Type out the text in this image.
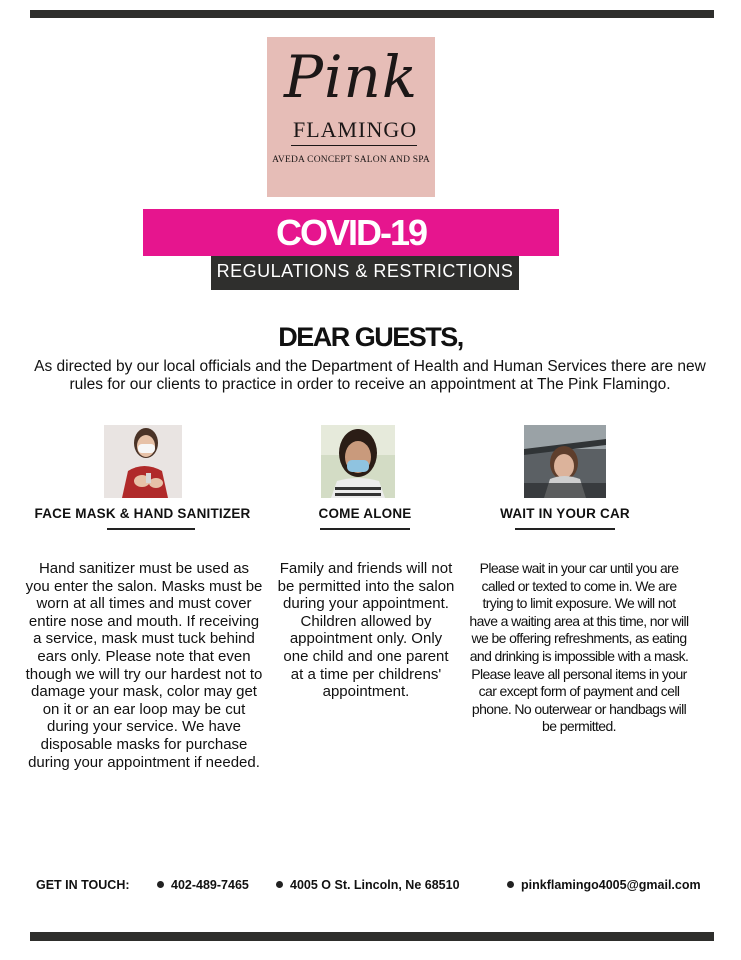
Pink
FLAMINGO
AVEDA CONCEPT SALON AND SPA
COVID-19
REGULATIONS & RESTRICTIONS
DEAR GUESTS,
As directed by our local officials and the Department of Health and Human Services there are new rules for our clients to practice in order to receive an appointment at The Pink Flamingo.
FACE MASK & HAND SANITIZER	COME ALONE	WAIT IN YOUR CAR
Hand sanitizer must be used as you enter the salon. Masks must be worn at all times and must cover entire nose and mouth. If receiving a service, mask must tuck behind ears only. Please note that even though we will try our hardest not to damage your mask, color may get on it or an ear loop may be cut during your service. We have disposable masks for purchase during your appointment if needed.
Family and friends will not be permitted into the salon during your appointment. Children allowed by appointment only. Only one child and one parent at a time per childrens' appointment.
Please wait in your car until you are called or texted to come in. We are trying to limit exposure. We will not have a waiting area at this time, nor will we be offering refreshments, as eating and drinking is impossible with a mask. Please leave all personal items in your car except form of payment and cell phone. No outerwear or handbags will be permitted.
GET IN TOUCH:	402-489-7465	4005 O St. Lincoln, Ne 68510	pinkflamingo4005@gmail.com
